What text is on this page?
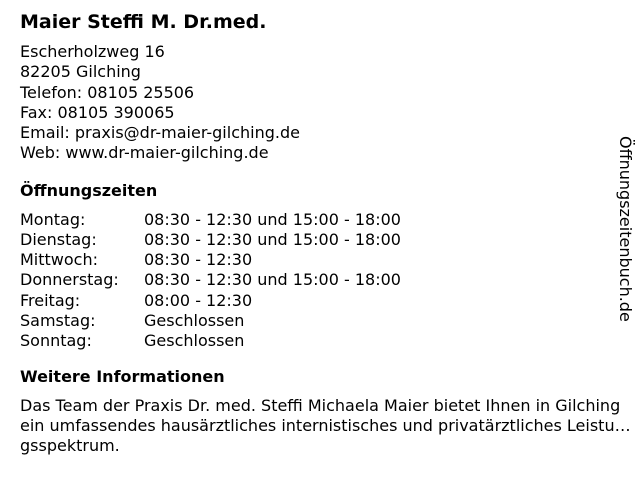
Maier Steffi M. Dr.med.
Escherholzweg 16
82205 Gilching
Telefon: 08105 25506
Fax: 08105 390065
Email: praxis@dr-maier-gilching.de
Web: www.dr-maier-gilching.de
Öffnungszeiten
Montag:	08:30 - 12:30 und 15:00 - 18:00
Dienstag:	08:30 - 12:30 und 15:00 - 18:00
Mittwoch:	08:30 - 12:30
Donnerstag:	08:30 - 12:30 und 15:00 - 18:00
Freitag:	08:00 - 12:30
Samstag:	Geschlossen
Sonntag:	Geschlossen
Weitere Informationen
Das Team der Praxis Dr. med. Steffi Michaela Maier bietet Ihnen in Gilching ein umfassendes hausärztliches internistisches und privatärztliches Leistungsspektrum.
Öffnungszeitenbuch.de
